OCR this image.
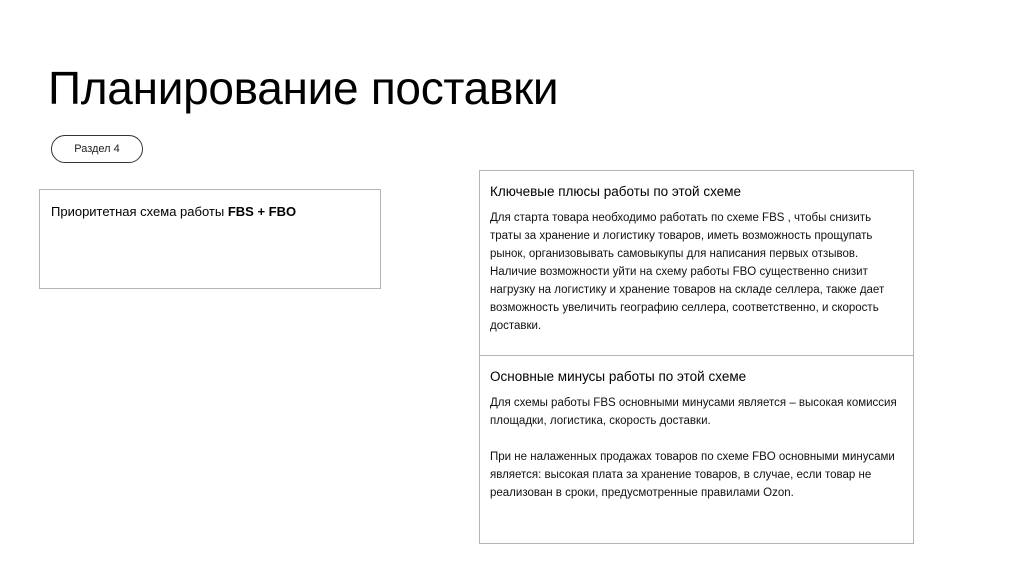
Планирование поставки
Раздел 4
Приоритетная схема работы FBS + FBO
Ключевые плюсы работы по этой схеме

Для старта товара необходимо работать по схеме FBS , чтобы снизить траты за хранение и логистику товаров, иметь возможность прощупать рынок, организовывать самовыкупы для написания первых отзывов. Наличие возможности уйти на схему работы FBO существенно снизит нагрузку на логистику и хранение товаров на складе селлера, также дает возможность увеличить географию селлера, соответственно, и скорость доставки.

Основные минусы работы по этой схеме

Для схемы работы FBS основными минусами является – высокая комиссия площадки, логистика, скорость доставки.

При не налаженных продажах товаров по схеме FBO основными минусами является: высокая плата за хранение товаров, в случае, если товар не реализован в сроки, предусмотренные правилами Ozon.
